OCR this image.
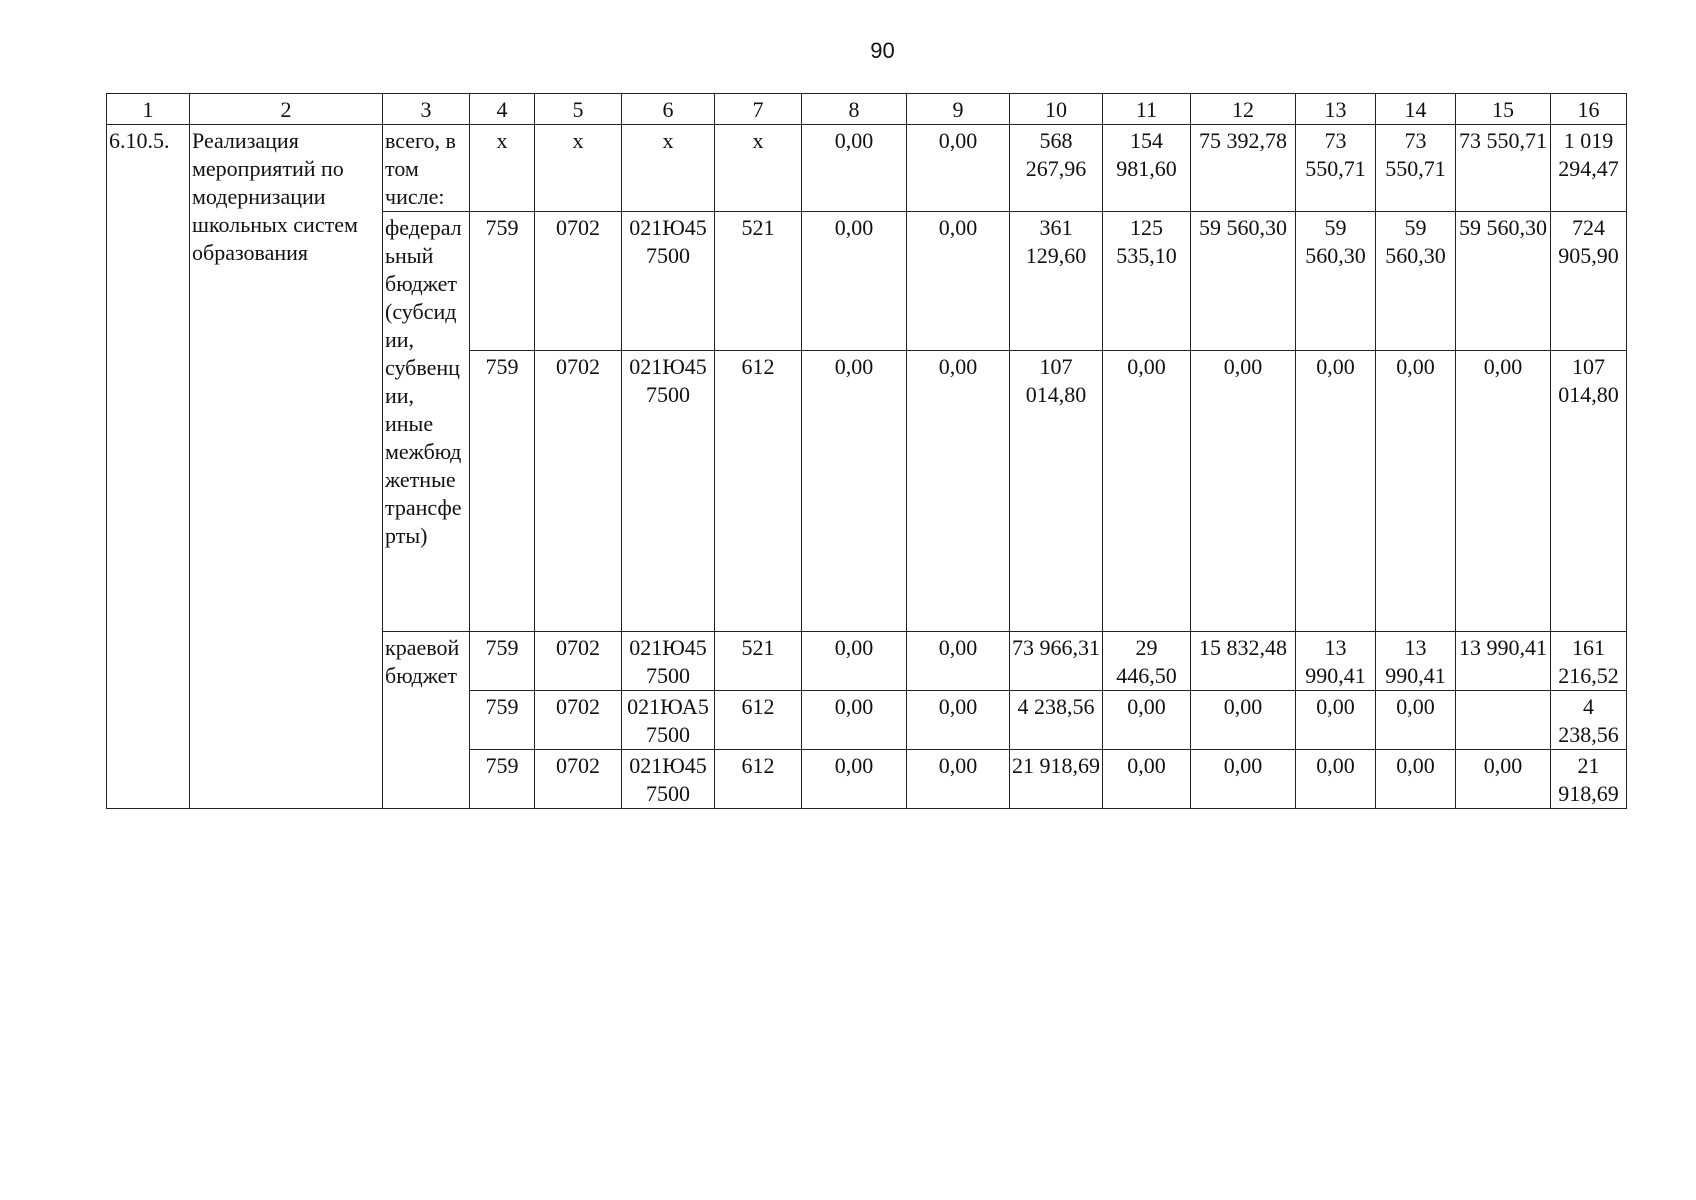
90
1	2	3	4	5	6	7	8	9	10	11	12	13	14	15	16
6.10.5.	Реализация мероприятий по модернизации школьных систем образования	всего, в том числе:	х	х	х	х	0,00	0,00	568 267,96	154 981,60	75 392,78	73 550,71	73 550,71	73 550,71	1 019 294,47
		федеральный бюджет (субсидии, субвенции, иные межбюджетные трансферты)	759	0702	021Ю457500	521	0,00	0,00	361 129,60	125 535,10	59 560,30	59 560,30	59 560,30	59 560,30	724 905,90
			759	0702	021Ю457500	612	0,00	0,00	107 014,80	0,00	0,00	0,00	0,00	0,00	107 014,80
		краевой бюджет	759	0702	021Ю457500	521	0,00	0,00	73 966,31	29 446,50	15 832,48	13 990,41	13 990,41	13 990,41	161 216,52
			759	0702	021ЮА57500	612	0,00	0,00	4 238,56	0,00	0,00	0,00	0,00		4 238,56
			759	0702	021Ю457500	612	0,00	0,00	21 918,69	0,00	0,00	0,00	0,00	0,00	21 918,69
